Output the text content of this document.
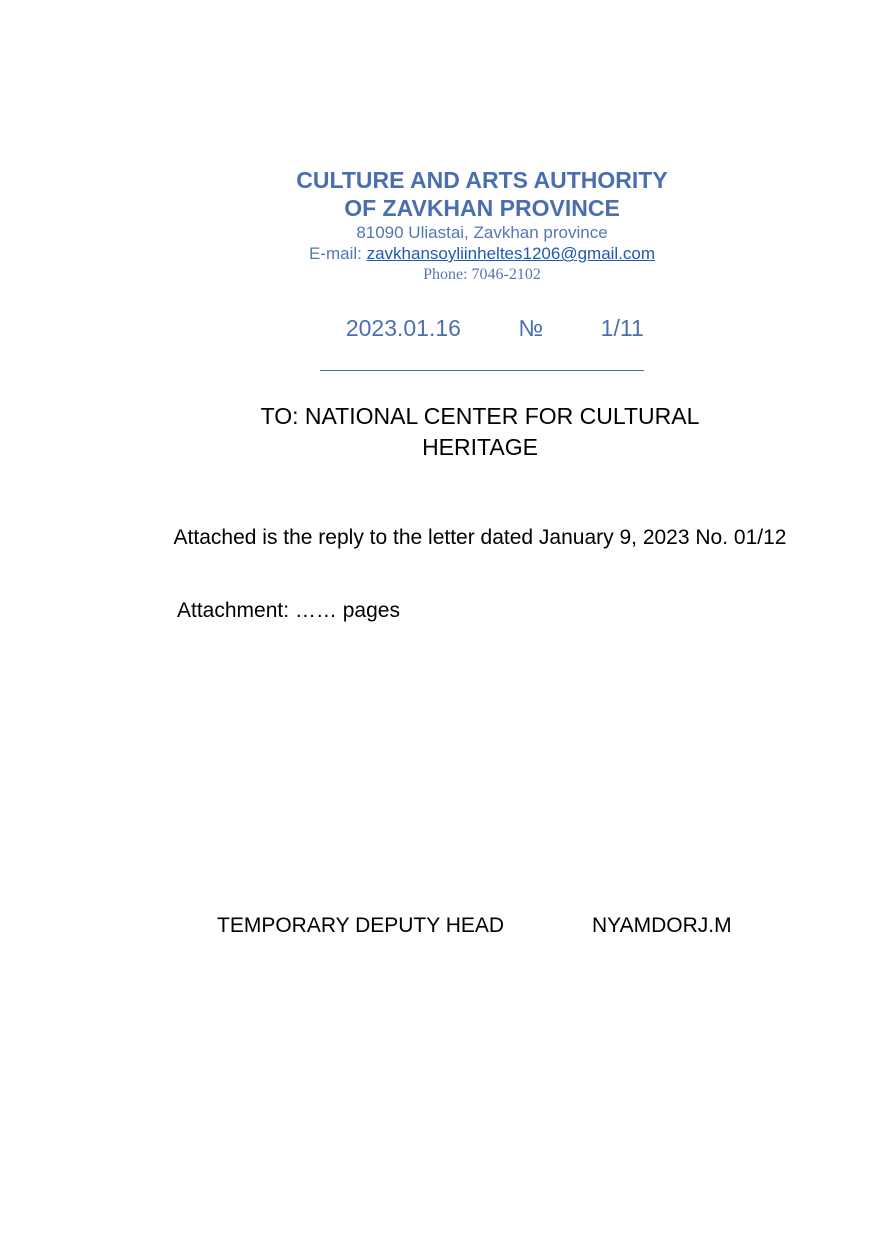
CULTURE AND ARTS AUTHORITY

OF ZAVKHAN PROVINCE

81090 Uliastai, Zavkhan province

E-mail: zavkhansoyliinheltes1206@gmail.com

Phone: 7046-2102

2023.01.16	№	1/11

TO: NATIONAL CENTER FOR CULTURAL
HERITAGE
Attached is the reply to the letter dated January 9, 2023 No. 01/12
Attachment: …… pages
TEMPORARY DEPUTY HEAD	NYAMDORJ.M
